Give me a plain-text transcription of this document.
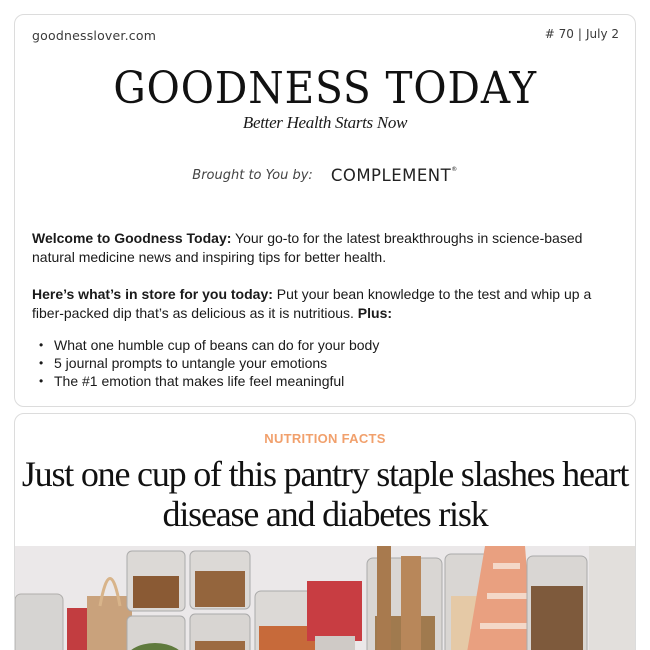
goodnesslover.com	# 70 | July 2
GOODNESS TODAY
Better Health Starts Now
Brought to You by: COMPLEMENT®

Welcome to Goodness Today: Your go-to for the latest breakthroughs in science-based natural medicine news and inspiring tips for better health.

Here’s what’s in store for you today: Put your bean knowledge to the test and whip up a fiber-packed dip that’s as delicious as it is nutritious. Plus:

• What one humble cup of beans can do for your body
• 5 journal prompts to untangle your emotions
• The #1 emotion that makes life feel meaningful
NUTRITION FACTS
Just one cup of this pantry staple slashes heart disease and diabetes risk
